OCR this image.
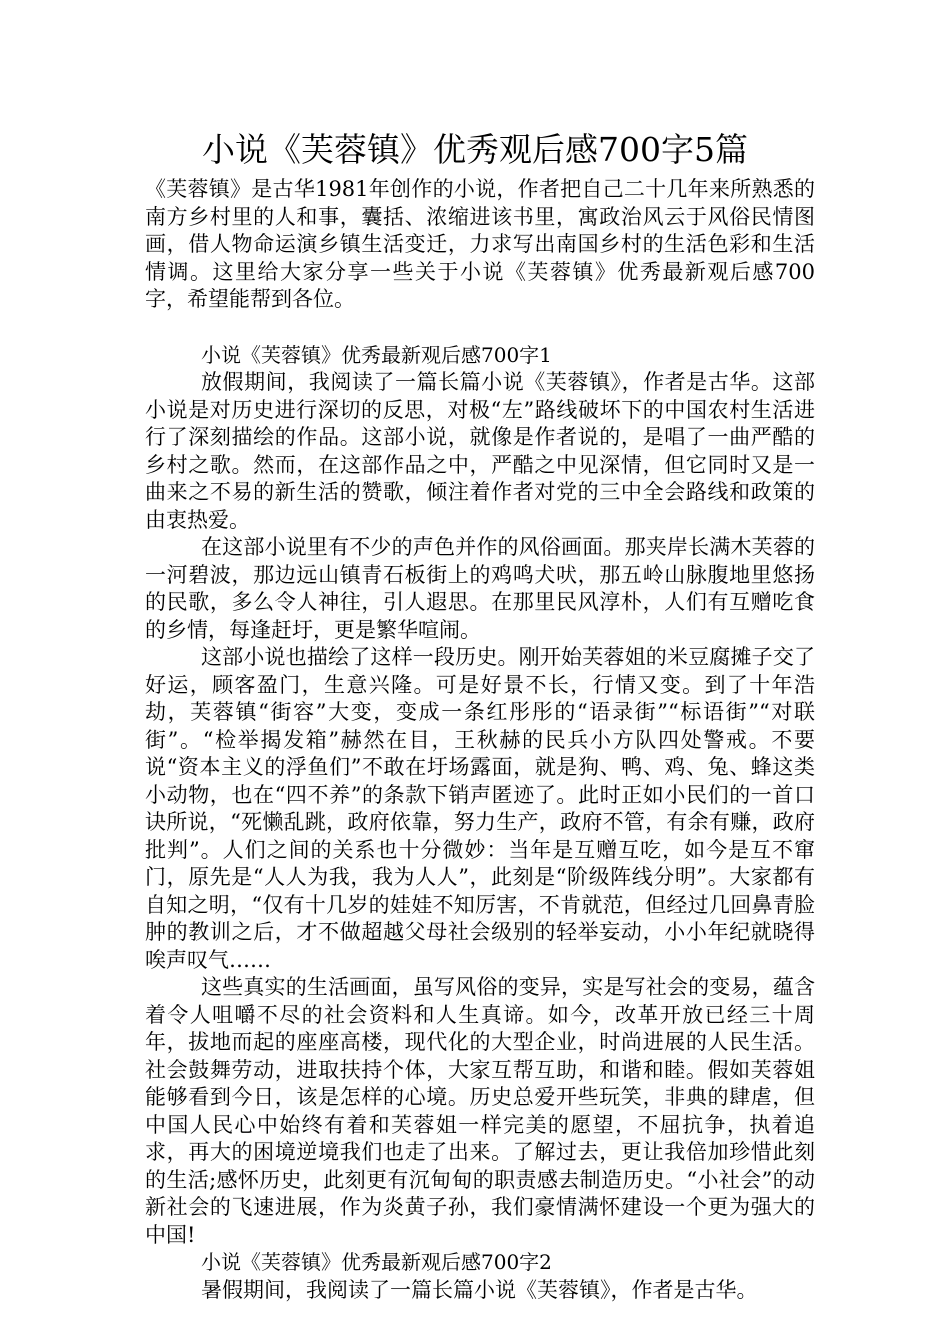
小说《芙蓉镇》优秀观后感700字5篇

《芙蓉镇》是古华1981年创作的小说，作者把自己二十几年来所熟悉的南方乡村里的人和事，囊括、浓缩进该书里，寓政治风云于风俗民情图画，借人物命运演乡镇生活变迁，力求写出南国乡村的生活色彩和生活情调。这里给大家分享一些关于小说《芙蓉镇》优秀最新观后感700字，希望能帮到各位。

小说《芙蓉镇》优秀最新观后感700字1

放假期间，我阅读了一篇长篇小说《芙蓉镇》，作者是古华。这部小说是对历史进行深切的反思，对极“左”路线破坏下的中国农村生活进行了深刻描绘的作品。这部小说，就像是作者说的，是唱了一曲严酷的乡村之歌。然而，在这部作品之中，严酷之中见深情，但它同时又是一曲来之不易的新生活的赞歌，倾注着作者对党的三中全会路线和政策的由衷热爱。

在这部小说里有不少的声色并作的风俗画面。那夹岸长满木芙蓉的一河碧波，那边远山镇青石板街上的鸡鸣犬吠，那五岭山脉腹地里悠扬的民歌，多么令人神往，引人遐思。在那里民风淳朴，人们有互赠吃食的乡情，每逢赶圩，更是繁华喧闹。

这部小说也描绘了这样一段历史。刚开始芙蓉姐的米豆腐摊子交了好运，顾客盈门，生意兴隆。可是好景不长，行情又变。到了十年浩劫，芙蓉镇“街容”大变，变成一条红彤彤的“语录街”“标语街”“对联街”。“检举揭发箱”赫然在目，王秋赫的民兵小方队四处警戒。不要说“资本主义的浮鱼们”不敢在圩场露面，就是狗、鸭、鸡、兔、蜂这类小动物，也在“四不养”的条款下销声匿迹了。此时正如小民们的一首口诀所说，“死懒乱跳，政府依靠，努力生产，政府不管，有余有赚，政府批判”。人们之间的关系也十分微妙：当年是互赠互吃，如今是互不窜门，原先是“人人为我，我为人人”，此刻是“阶级阵线分明”。大家都有自知之明，“仅有十几岁的娃娃不知厉害，不肯就范，但经过几回鼻青脸肿的教训之后，才不做超越父母社会级别的轻举妄动，小小年纪就晓得唉声叹气……

这些真实的生活画面，虽写风俗的变异，实是写社会的变易，蕴含着令人咀嚼不尽的社会资料和人生真谛。如今，改革开放已经三十周年，拔地而起的座座高楼，现代化的大型企业，时尚进展的人民生活。社会鼓舞劳动，进取扶持个体，大家互帮互助，和谐和睦。假如芙蓉姐能够看到今日，该是怎样的心境。历史总爱开些玩笑，非典的肆虐，但中国人民心中始终有着和芙蓉姐一样完美的愿望，不屈抗争，执着追求，再大的困境逆境我们也走了出来。了解过去，更让我倍加珍惜此刻的生活;感怀历史，此刻更有沉甸甸的职责感去制造历史。“小社会”的动新社会的飞速进展，作为炎黄子孙，我们豪情满怀建设一个更为强大的中国!

小说《芙蓉镇》优秀最新观后感700字2

暑假期间，我阅读了一篇长篇小说《芙蓉镇》，作者是古华。
